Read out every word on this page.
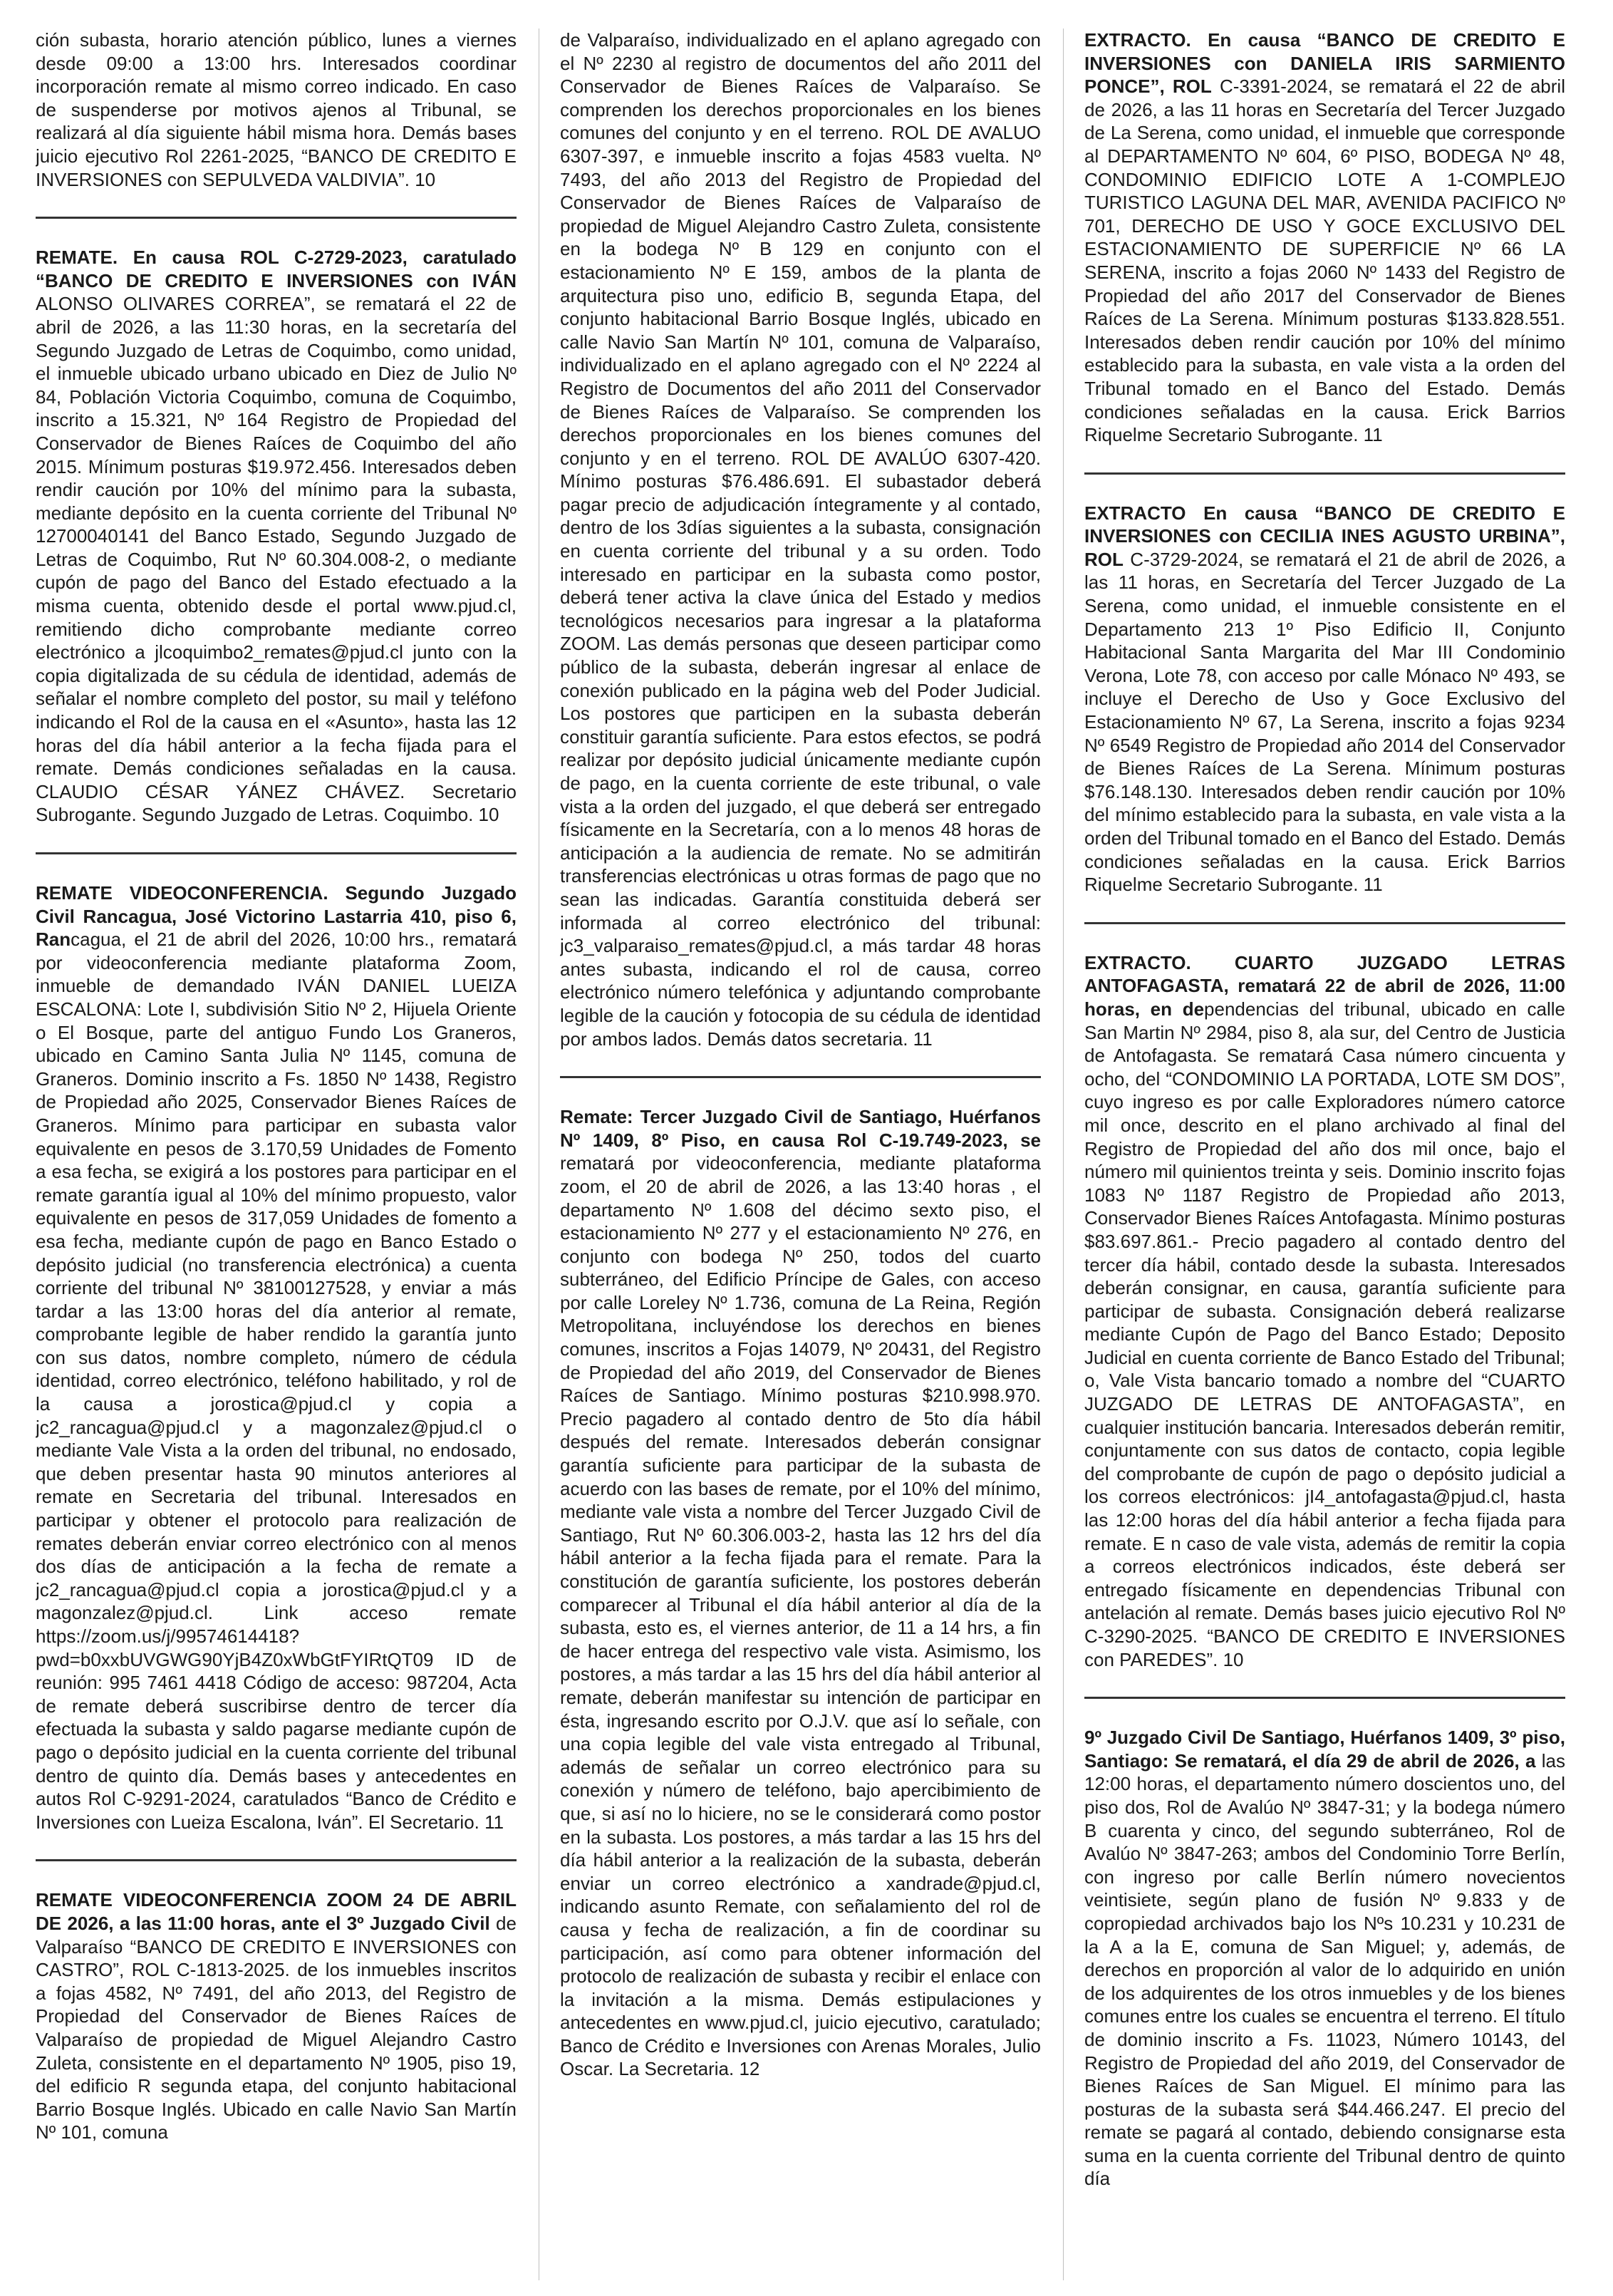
ción subasta, horario atención público, lunes a viernes desde 09:00 a 13:00 hrs. Interesados coordinar incorporación remate al mismo correo indicado. En caso de suspenderse por motivos ajenos al Tribunal, se realizará al día siguiente hábil misma hora. Demás bases juicio ejecutivo Rol 2261-2025, “BANCO DE CREDITO E INVERSIONES con SEPULVEDA VALDIVIA”. 10

REMATE. En causa ROL C-2729-2023, caratulado “BANCO DE CREDITO E INVERSIONES con IVÁN ALONSO OLIVARES CORREA”, se rematará el 22 de abril de 2026, a las 11:30 horas, en la secretaría del Segundo Juzgado de Letras de Coquimbo, como unidad, el inmueble ubicado urbano ubicado en Diez de Julio Nº 84, Población Victoria Coquimbo, comuna de Coquimbo, inscrito a 15.321, Nº 164 Registro de Propiedad del Conservador de Bienes Raíces de Coquimbo del año 2015. Mínimum posturas $19.972.456. Interesados deben rendir caución por 10% del mínimo para la subasta, mediante depósito en la cuenta corriente del Tribunal Nº 12700040141 del Banco Estado, Segundo Juzgado de Letras de Coquimbo, Rut Nº 60.304.008-2, o mediante cupón de pago del Banco del Estado efectuado a la misma cuenta, obtenido desde el portal www.pjud.cl, remitiendo dicho comprobante mediante correo electrónico a jlcoquimbo2_remates@pjud.cl junto con la copia digitalizada de su cédula de identidad, además de señalar el nombre completo del postor, su mail y teléfono indicando el Rol de la causa en el «Asunto», hasta las 12 horas del día hábil anterior a la fecha fijada para el remate. Demás condiciones señaladas en la causa. CLAUDIO CÉSAR YÁNEZ CHÁVEZ. Secretario Subrogante. Segundo Juzgado de Letras. Coquimbo. 10

REMATE VIDEOCONFERENCIA. Segundo Juzgado Civil Rancagua, José Victorino Lastarria 410, piso 6, Rancagua, el 21 de abril del 2026, 10:00 hrs., rematará por videoconferencia mediante plataforma Zoom, inmueble de demandado IVÁN DANIEL LUEIZA ESCALONA: Lote I, subdivisión Sitio Nº 2, Hijuela Oriente o El Bosque, parte del antiguo Fundo Los Graneros, ubicado en Camino Santa Julia Nº 1145, comuna de Graneros. Dominio inscrito a Fs. 1850 Nº 1438, Registro de Propiedad año 2025, Conservador Bienes Raíces de Graneros. Mínimo para participar en subasta valor equivalente en pesos de 3.170,59 Unidades de Fomento a esa fecha, se exigirá a los postores para participar en el remate garantía igual al 10% del mínimo propuesto, valor equivalente en pesos de 317,059 Unidades de fomento a esa fecha, mediante cupón de pago en Banco Estado o depósito judicial (no transferencia electrónica) a cuenta corriente del tribunal Nº 38100127528, y enviar a más tardar a las 13:00 horas del día anterior al remate, comprobante legible de haber rendido la garantía junto con sus datos, nombre completo, número de cédula identidad, correo electrónico, teléfono habilitado, y rol de la causa a jorostica@pjud.cl y copia a jc2_rancagua@pjud.cl y a magonzalez@pjud.cl o mediante Vale Vista a la orden del tribunal, no endosado, que deben presentar hasta 90 minutos anteriores al remate en Secretaria del tribunal. Interesados en participar y obtener el protocolo para realización de remates deberán enviar correo electrónico con al menos dos días de anticipación a la fecha de remate a jc2_rancagua@pjud.cl copia a jorostica@pjud.cl y a magonzalez@pjud.cl. Link acceso remate https://zoom.us/j/99574614418?pwd=b0xxbUVGWG90YjB4Z0xWbGtFYIRtQT09 ID de reunión: 995 7461 4418 Código de acceso: 987204, Acta de remate deberá suscribirse dentro de tercer día efectuada la subasta y saldo pagarse mediante cupón de pago o depósito judicial en la cuenta corriente del tribunal dentro de quinto día. Demás bases y antecedentes en autos Rol C-9291-2024, caratulados “Banco de Crédito e Inversiones con Lueiza Escalona, Iván”. El Secretario. 11

REMATE VIDEOCONFERENCIA ZOOM 24 DE ABRIL DE 2026, a las 11:00 horas, ante el 3º Juzgado Civil de Valparaíso “BANCO DE CREDITO E INVERSIONES con CASTRO”, ROL C-1813-2025. de los inmuebles inscritos a fojas 4582, Nº 7491, del año 2013, del Registro de Propiedad del Conservador de Bienes Raíces de Valparaíso de propiedad de Miguel Alejandro Castro Zuleta, consistente en el departamento Nº 1905, piso 19, del edificio R segunda etapa, del conjunto habitacional Barrio Bosque Inglés. Ubicado en calle Navio San Martín Nº 101, comuna

de Valparaíso, individualizado en el aplano agregado con el Nº 2230 al registro de documentos del año 2011 del Conservador de Bienes Raíces de Valparaíso. Se comprenden los derechos proporcionales en los bienes comunes del conjunto y en el terreno. ROL DE AVALUO 6307-397, e inmueble inscrito a fojas 4583 vuelta. Nº 7493, del año 2013 del Registro de Propiedad del Conservador de Bienes Raíces de Valparaíso de propiedad de Miguel Alejandro Castro Zuleta, consistente en la bodega Nº B 129 en conjunto con el estacionamiento Nº E 159, ambos de la planta de arquitectura piso uno, edificio B, segunda Etapa, del conjunto habitacional Barrio Bosque Inglés, ubicado en calle Navio San Martín Nº 101, comuna de Valparaíso, individualizado en el aplano agregado con el Nº 2224 al Registro de Documentos del año 2011 del Conservador de Bienes Raíces de Valparaíso. Se comprenden los derechos proporcionales en los bienes comunes del conjunto y en el terreno. ROL DE AVALÚO 6307-420. Mínimo posturas $76.486.691. El subastador deberá pagar precio de adjudicación íntegramente y al contado, dentro de los 3días siguientes a la subasta, consignación en cuenta corriente del tribunal y a su orden. Todo interesado en participar en la subasta como postor, deberá tener activa la clave única del Estado y medios tecnológicos necesarios para ingresar a la plataforma ZOOM. Las demás personas que deseen participar como público de la subasta, deberán ingresar al enlace de conexión publicado en la página web del Poder Judicial. Los postores que participen en la subasta deberán constituir garantía suficiente. Para estos efectos, se podrá realizar por depósito judicial únicamente mediante cupón de pago, en la cuenta corriente de este tribunal, o vale vista a la orden del juzgado, el que deberá ser entregado físicamente en la Secretaría, con a lo menos 48 horas de anticipación a la audiencia de remate. No se admitirán transferencias electrónicas u otras formas de pago que no sean las indicadas. Garantía constituida deberá ser informada al correo electrónico del tribunal: jc3_valparaiso_remates@pjud.cl, a más tardar 48 horas antes subasta, indicando el rol de causa, correo electrónico número telefónica y adjuntando comprobante legible de la caución y fotocopia de su cédula de identidad por ambos lados. Demás datos secretaria. 11

Remate: Tercer Juzgado Civil de Santiago, Huérfanos Nº 1409, 8º Piso, en causa Rol C-19.749-2023, se rematará por videoconferencia, mediante plataforma zoom, el 20 de abril de 2026, a las 13:40 horas , el departamento Nº 1.608 del décimo sexto piso, el estacionamiento Nº 277 y el estacionamiento Nº 276, en conjunto con bodega Nº 250, todos del cuarto subterráneo, del Edificio Príncipe de Gales, con acceso por calle Loreley Nº 1.736, comuna de La Reina, Región Metropolitana, incluyéndose los derechos en bienes comunes, inscritos a Fojas 14079, Nº 20431, del Registro de Propiedad del año 2019, del Conservador de Bienes Raíces de Santiago. Mínimo posturas $210.998.970. Precio pagadero al contado dentro de 5to día hábil después del remate. Interesados deberán consignar garantía suficiente para participar de la subasta de acuerdo con las bases de remate, por el 10% del mínimo, mediante vale vista a nombre del Tercer Juzgado Civil de Santiago, Rut Nº 60.306.003-2, hasta las 12 hrs del día hábil anterior a la fecha fijada para el remate. Para la constitución de garantía suficiente, los postores deberán comparecer al Tribunal el día hábil anterior al día de la subasta, esto es, el viernes anterior, de 11 a 14 hrs, a fin de hacer entrega del respectivo vale vista. Asimismo, los postores, a más tardar a las 15 hrs del día hábil anterior al remate, deberán manifestar su intención de participar en ésta, ingresando escrito por O.J.V. que así lo señale, con una copia legible del vale vista entregado al Tribunal, además de señalar un correo electrónico para su conexión y número de teléfono, bajo apercibimiento de que, si así no lo hiciere, no se le considerará como postor en la subasta. Los postores, a más tardar a las 15 hrs del día hábil anterior a la realización de la subasta, deberán enviar un correo electrónico a xandrade@pjud.cl, indicando asunto Remate, con señalamiento del rol de causa y fecha de realización, a fin de coordinar su participación, así como para obtener información del protocolo de realización de subasta y recibir el enlace con la invitación a la misma. Demás estipulaciones y antecedentes en www.pjud.cl, juicio ejecutivo, caratulado; Banco de Crédito e Inversiones con Arenas Morales, Julio Oscar. La Secretaria. 12

EXTRACTO. En causa “BANCO DE CREDITO E INVERSIONES con DANIELA IRIS SARMIENTO PONCE”, ROL C-3391-2024, se rematará el 22 de abril de 2026, a las 11 horas en Secretaría del Tercer Juzgado de La Serena, como unidad, el inmueble que corresponde al DEPARTAMENTO Nº 604, 6º PISO, BODEGA Nº 48, CONDOMINIO EDIFICIO LOTE A 1-COMPLEJO TURISTICO LAGUNA DEL MAR, AVENIDA PACIFICO Nº 701, DERECHO DE USO Y GOCE EXCLUSIVO DEL ESTACIONAMIENTO DE SUPERFICIE Nº 66 LA SERENA, inscrito a fojas 2060 Nº 1433 del Registro de Propiedad del año 2017 del Conservador de Bienes Raíces de La Serena. Mínimum posturas $133.828.551. Interesados deben rendir caución por 10% del mínimo establecido para la subasta, en vale vista a la orden del Tribunal tomado en el Banco del Estado. Demás condiciones señaladas en la causa. Erick Barrios Riquelme Secretario Subrogante. 11

EXTRACTO En causa “BANCO DE CREDITO E INVERSIONES con CECILIA INES AGUSTO URBINA”, ROL C-3729-2024, se rematará el 21 de abril de 2026, a las 11 horas, en Secretaría del Tercer Juzgado de La Serena, como unidad, el inmueble consistente en el Departamento 213 1º Piso Edificio II, Conjunto Habitacional Santa Margarita del Mar III Condominio Verona, Lote 78, con acceso por calle Mónaco Nº 493, se incluye el Derecho de Uso y Goce Exclusivo del Estacionamiento Nº 67, La Serena, inscrito a fojas 9234 Nº 6549 Registro de Propiedad año 2014 del Conservador de Bienes Raíces de La Serena. Mínimum posturas $76.148.130. Interesados deben rendir caución por 10% del mínimo establecido para la subasta, en vale vista a la orden del Tribunal tomado en el Banco del Estado. Demás condiciones señaladas en la causa. Erick Barrios Riquelme Secretario Subrogante. 11

EXTRACTO. CUARTO JUZGADO LETRAS ANTOFAGASTA, rematará 22 de abril de 2026, 11:00 horas, en dependencias del tribunal, ubicado en calle San Martin Nº 2984, piso 8, ala sur, del Centro de Justicia de Antofagasta. Se rematará Casa número cincuenta y ocho, del “CONDOMINIO LA PORTADA, LOTE SM DOS”, cuyo ingreso es por calle Exploradores número catorce mil once, descrito en el plano archivado al final del Registro de Propiedad del año dos mil once, bajo el número mil quinientos treinta y seis. Dominio inscrito fojas 1083 Nº 1187 Registro de Propiedad año 2013, Conservador Bienes Raíces Antofagasta. Mínimo posturas $83.697.861.- Precio pagadero al contado dentro del tercer día hábil, contado desde la subasta. Interesados deberán consignar, en causa, garantía suficiente para participar de subasta. Consignación deberá realizarse mediante Cupón de Pago del Banco Estado; Deposito Judicial en cuenta corriente de Banco Estado del Tribunal; o, Vale Vista bancario tomado a nombre del “CUARTO JUZGADO DE LETRAS DE ANTOFAGASTA”, en cualquier institución bancaria. Interesados deberán remitir, conjuntamente con sus datos de contacto, copia legible del comprobante de cupón de pago o depósito judicial a los correos electrónicos: jI4_antofagasta@pjud.cl, hasta las 12:00 horas del día hábil anterior a fecha fijada para remate. E n caso de vale vista, además de remitir la copia a correos electrónicos indicados, éste deberá ser entregado físicamente en dependencias Tribunal con antelación al remate. Demás bases juicio ejecutivo Rol Nº C-3290-2025. “BANCO DE CREDITO E INVERSIONES con PAREDES”. 10

9º Juzgado Civil De Santiago, Huérfanos 1409, 3º piso, Santiago: Se rematará, el día 29 de abril de 2026, a las 12:00 horas, el departamento número doscientos uno, del piso dos, Rol de Avalúo Nº 3847-31; y la bodega número B cuarenta y cinco, del segundo subterráneo, Rol de Avalúo Nº 3847-263; ambos del Condominio Torre Berlín, con ingreso por calle Berlín número novecientos veintisiete, según plano de fusión Nº 9.833 y de copropiedad archivados bajo los Nºs 10.231 y 10.231 de la A a la E, comuna de San Miguel; y, además, de derechos en proporción al valor de lo adquirido en unión de los adquirentes de los otros inmuebles y de los bienes comunes entre los cuales se encuentra el terreno. El título de dominio inscrito a Fs. 11023, Número 10143, del Registro de Propiedad del año 2019, del Conservador de Bienes Raíces de San Miguel. El mínimo para las posturas de la subasta será $44.466.247. El precio del remate se pagará al contado, debiendo consignarse esta suma en la cuenta corriente del Tribunal dentro de quinto día
